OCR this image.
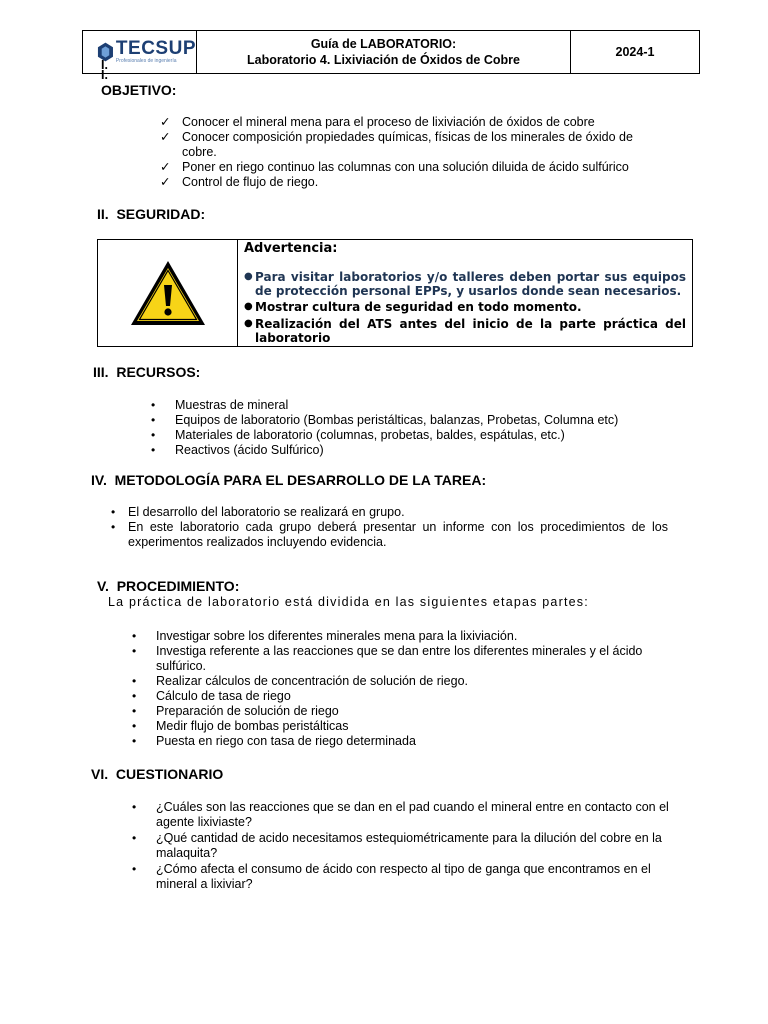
TECSUP
Profesionales de ingeniería
Guía de LABORATORIO:
Laboratorio 4. Lixiviación de Óxidos de Cobre
2024-1
I.
I.
OBJETIVO:
✓ Conocer el mineral mena para el proceso de lixiviación de óxidos de cobre
✓ Conocer composición propiedades químicas, físicas de los minerales de óxido de cobre.
✓ Poner en riego continuo las columnas con una solución diluida de ácido sulfúrico
✓ Control de flujo de riego.
II.  SEGURIDAD:
Advertencia:
● Para visitar laboratorios y/o talleres deben portar sus equipos de protección personal EPPs, y usarlos donde sean necesarios.
● Mostrar cultura de seguridad en todo momento.
● Realización del ATS antes del inicio de la parte práctica del laboratorio
III.  RECURSOS:
• Muestras de mineral
• Equipos de laboratorio (Bombas peristálticas, balanzas, Probetas, Columna etc)
• Materiales de laboratorio (columnas, probetas, baldes, espátulas, etc.)
• Reactivos (ácido Sulfúrico)
IV.  METODOLOGÍA PARA EL DESARROLLO DE LA TAREA:
• El desarrollo del laboratorio se realizará en grupo.
• En este laboratorio cada grupo deberá presentar un informe con los procedimientos de los experimentos realizados incluyendo evidencia.
V.  PROCEDIMIENTO:
La práctica de laboratorio está dividida en las siguientes etapas partes:
• Investigar sobre los diferentes minerales mena para la lixiviación.
• Investiga referente a las reacciones que se dan entre los diferentes minerales y el ácido sulfúrico.
• Realizar cálculos de concentración de solución de riego.
• Cálculo de tasa de riego
• Preparación de solución de riego
• Medir flujo de bombas peristálticas
• Puesta en riego con tasa de riego determinada
VI.  CUESTIONARIO
• ¿Cuáles son las reacciones que se dan en el pad cuando el mineral entre en contacto con el agente lixiviaste?
• ¿Qué cantidad de acido necesitamos estequiométricamente para la dilución del cobre en la malaquita?
• ¿Cómo afecta el consumo de ácido con respecto al tipo de ganga que encontramos en el mineral a lixiviar?
